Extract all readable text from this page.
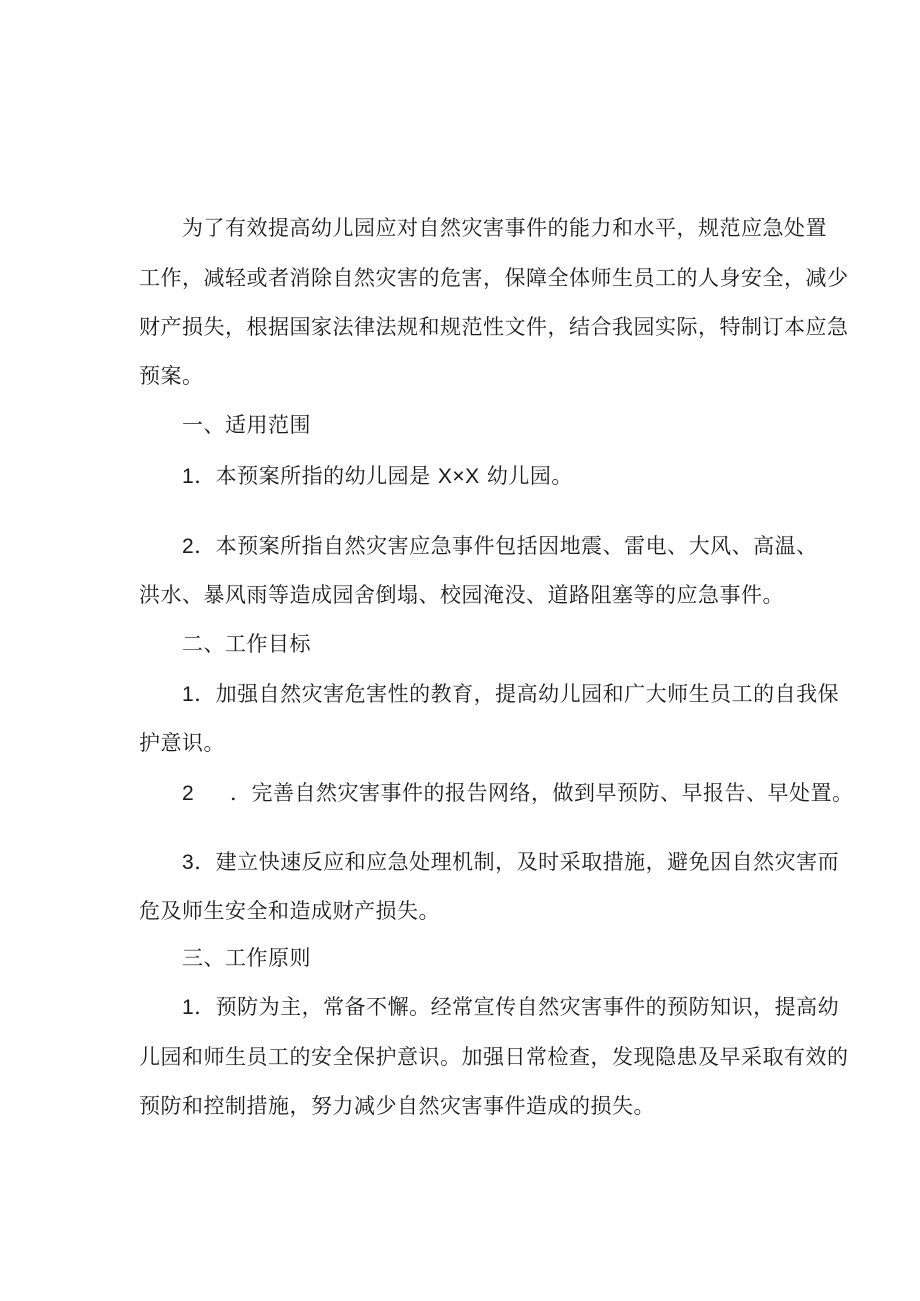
为了有效提高幼儿园应对自然灾害事件的能力和水平，规范应急处置
工作，减轻或者消除自然灾害的危害，保障全体师生员工的人身安全，减少
财产损失，根据国家法律法规和规范性文件，结合我园实际，特制订本应急
预案。
一、适用范围
1．本预案所指的幼儿园是 X×X 幼儿园。
2．本预案所指自然灾害应急事件包括因地震、雷电、大风、高温、
洪水、暴风雨等造成园舍倒塌、校园淹没、道路阻塞等的应急事件。
二、工作目标
1．加强自然灾害危害性的教育，提高幼儿园和广大师生员工的自我保
护意识。
2 ．完善自然灾害事件的报告网络，做到早预防、早报告、早处置。
3．建立快速反应和应急处理机制，及时采取措施，避免因自然灾害而
危及师生安全和造成财产损失。
三、工作原则
1．预防为主，常备不懈。经常宣传自然灾害事件的预防知识，提高幼
儿园和师生员工的安全保护意识。加强日常检查，发现隐患及早采取有效的
预防和控制措施，努力减少自然灾害事件造成的损失。
